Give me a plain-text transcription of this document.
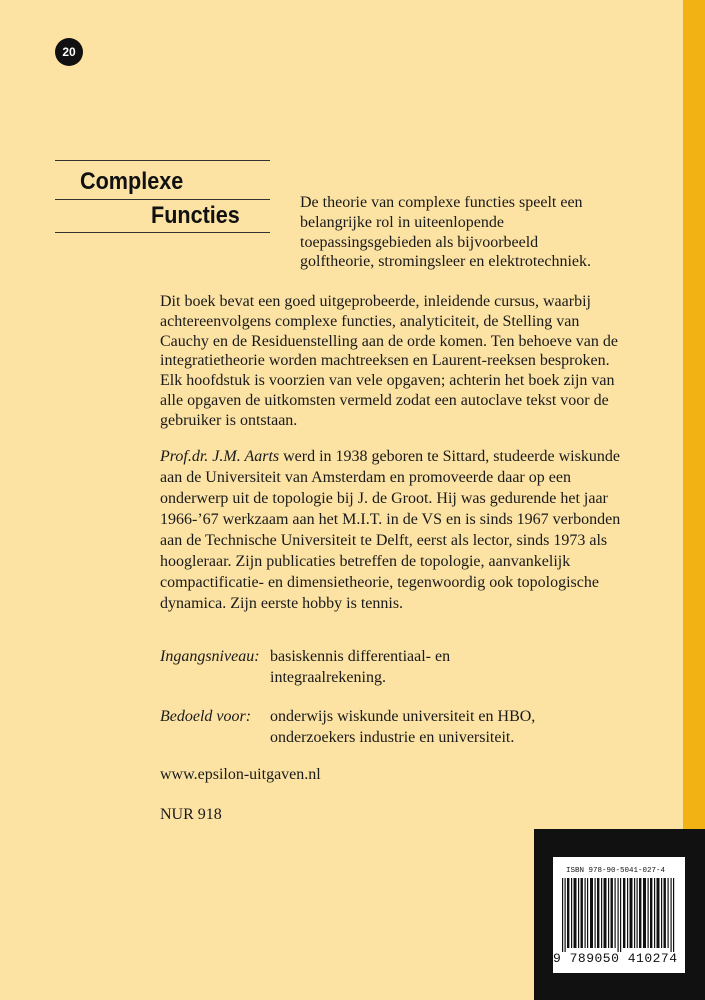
20
Complexe
Functies	De theorie van complexe functies speelt een belangrijke rol in uiteenlopende toepassingsgebieden als bijvoorbeeld golftheorie, stromingsleer en elektrotechniek.

Dit boek bevat een goed uitgeprobeerde, inleidende cursus, waarbij achtereenvolgens complexe functies, analyticiteit, de Stelling van Cauchy en de Residuenstelling aan de orde komen. Ten behoeve van de integratietheorie worden machtreeksen en Laurent-reeksen besproken.
Elk hoofdstuk is voorzien van vele opgaven; achterin het boek zijn van alle opgaven de uitkomsten vermeld zodat een autoclave tekst voor de gebruiker is ontstaan.

Prof.dr. J.M. Aarts werd in 1938 geboren te Sittard, studeerde wiskunde aan de Universiteit van Amsterdam en promoveerde daar op een onderwerp uit de topologie bij J. de Groot. Hij was gedurende het jaar 1966-’67 werkzaam aan het M.I.T. in de VS en is sinds 1967 verbonden aan de Technische Universiteit te Delft, eerst als lector, sinds 1973 als hoogleraar. Zijn publicaties betreffen de topologie, aanvankelijk compactificatie- en dimensietheorie, tegenwoordig ook topologische dynamica. Zijn eerste hobby is tennis.

Ingangsniveau: basiskennis differentiaal- en integraalrekening.
Bedoeld voor: onderwijs wiskunde universiteit en HBO, onderzoekers industrie en universiteit.
www.epsilon-uitgaven.nl
NUR 918
ISBN 978-90-5041-027-4
9 789050 410274 >
